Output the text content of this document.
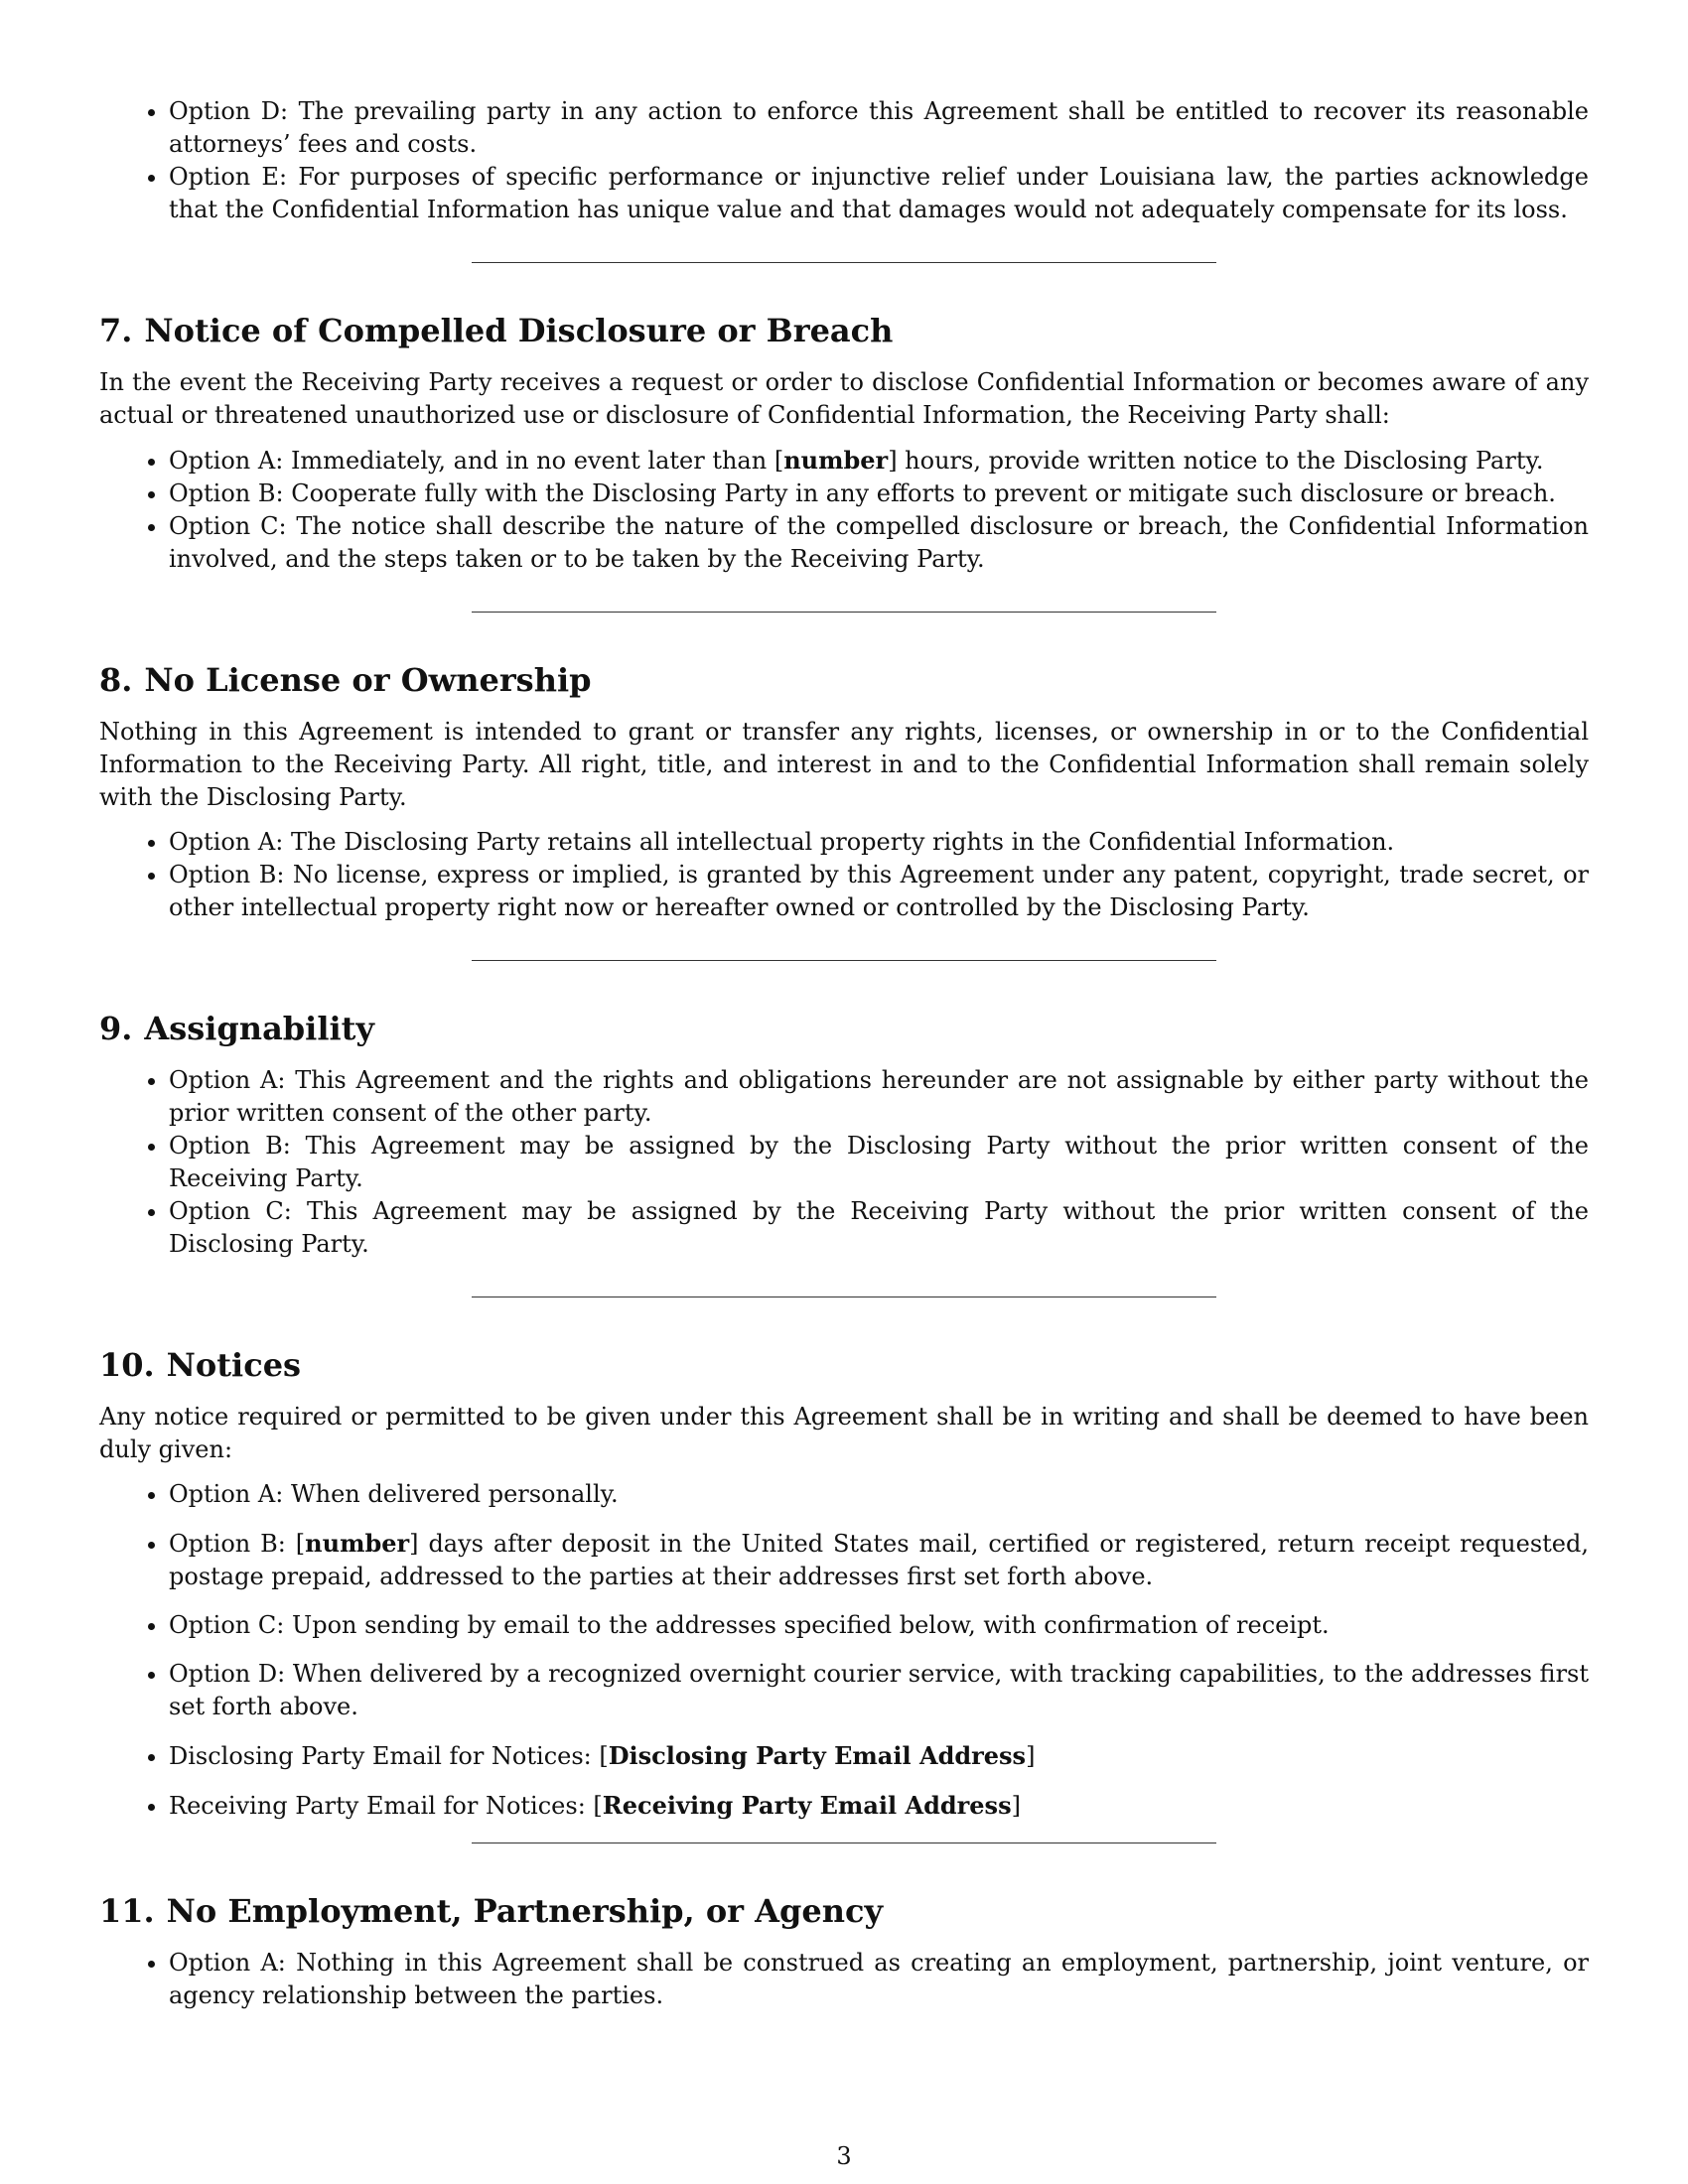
• Option D: The prevailing party in any action to enforce this Agreement shall be entitled to recover its reasonable attorneys’ fees and costs.
• Option E: For purposes of specific performance or injunctive relief under Louisiana law, the parties acknowledge that the Confidential Information has unique value and that damages would not adequately compensate for its loss.
7. Notice of Compelled Disclosure or Breach

In the event the Receiving Party receives a request or order to disclose Confidential Information or becomes aware of any actual or threatened unauthorized use or disclosure of Confidential Information, the Receiving Party shall:

• Option A: Immediately, and in no event later than [number] hours, provide written notice to the Disclosing Party.
• Option B: Cooperate fully with the Disclosing Party in any efforts to prevent or mitigate such disclosure or breach.
• Option C: The notice shall describe the nature of the compelled disclosure or breach, the Confidential Information involved, and the steps taken or to be taken by the Receiving Party.
8. No License or Ownership

Nothing in this Agreement is intended to grant or transfer any rights, licenses, or ownership in or to the Confidential Information to the Receiving Party. All right, title, and interest in and to the Confidential Information shall remain solely with the Disclosing Party.

• Option A: The Disclosing Party retains all intellectual property rights in the Confidential Information.
• Option B: No license, express or implied, is granted by this Agreement under any patent, copyright, trade secret, or other intellectual property right now or hereafter owned or controlled by the Disclosing Party.
9. Assignability
• Option A: This Agreement and the rights and obligations hereunder are not assignable by either party without the prior written consent of the other party.
• Option B: This Agreement may be assigned by the Disclosing Party without the prior written consent of the Receiving Party.
• Option C: This Agreement may be assigned by the Receiving Party without the prior written consent of the Disclosing Party.
10. Notices

Any notice required or permitted to be given under this Agreement shall be in writing and shall be deemed to have been duly given:

• Option A: When delivered personally.
• Option B: [number] days after deposit in the United States mail, certified or registered, return receipt requested, postage prepaid, addressed to the parties at their addresses first set forth above.
• Option C: Upon sending by email to the addresses specified below, with confirmation of receipt.
• Option D: When delivered by a recognized overnight courier service, with tracking capabilities, to the addresses first set forth above.
• Disclosing Party Email for Notices: [Disclosing Party Email Address]
• Receiving Party Email for Notices: [Receiving Party Email Address]
11. No Employment, Partnership, or Agency
• Option A: Nothing in this Agreement shall be construed as creating an employment, partnership, joint venture, or agency relationship between the parties.
3
